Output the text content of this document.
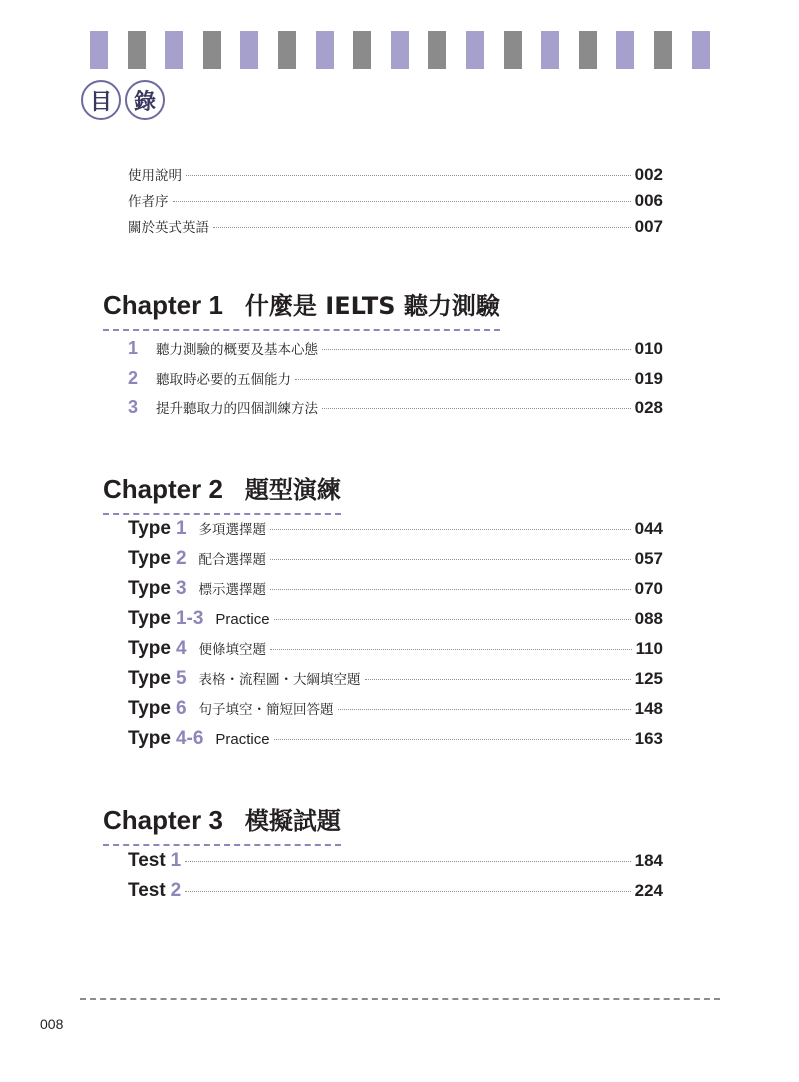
目 錄
使用說明	002
作者序	006
關於英式英語	007
Chapter 1 什麼是 IELTS 聽力測驗
1 聽力測驗的概要及基本心態	010
2 聽取時必要的五個能力	019
3 提升聽取力的四個訓練方法	028
Chapter 2 題型演練
Type 1 多項選擇題	044
Type 2 配合選擇題	057
Type 3 標示選擇題	070
Type 1-3 Practice	088
Type 4 便條填空題	110
Type 5 表格・流程圖・大綱填空題	125
Type 6 句子填空・簡短回答題	148
Type 4-6 Practice	163
Chapter 3 模擬試題
Test 1	184
Test 2	224
008
